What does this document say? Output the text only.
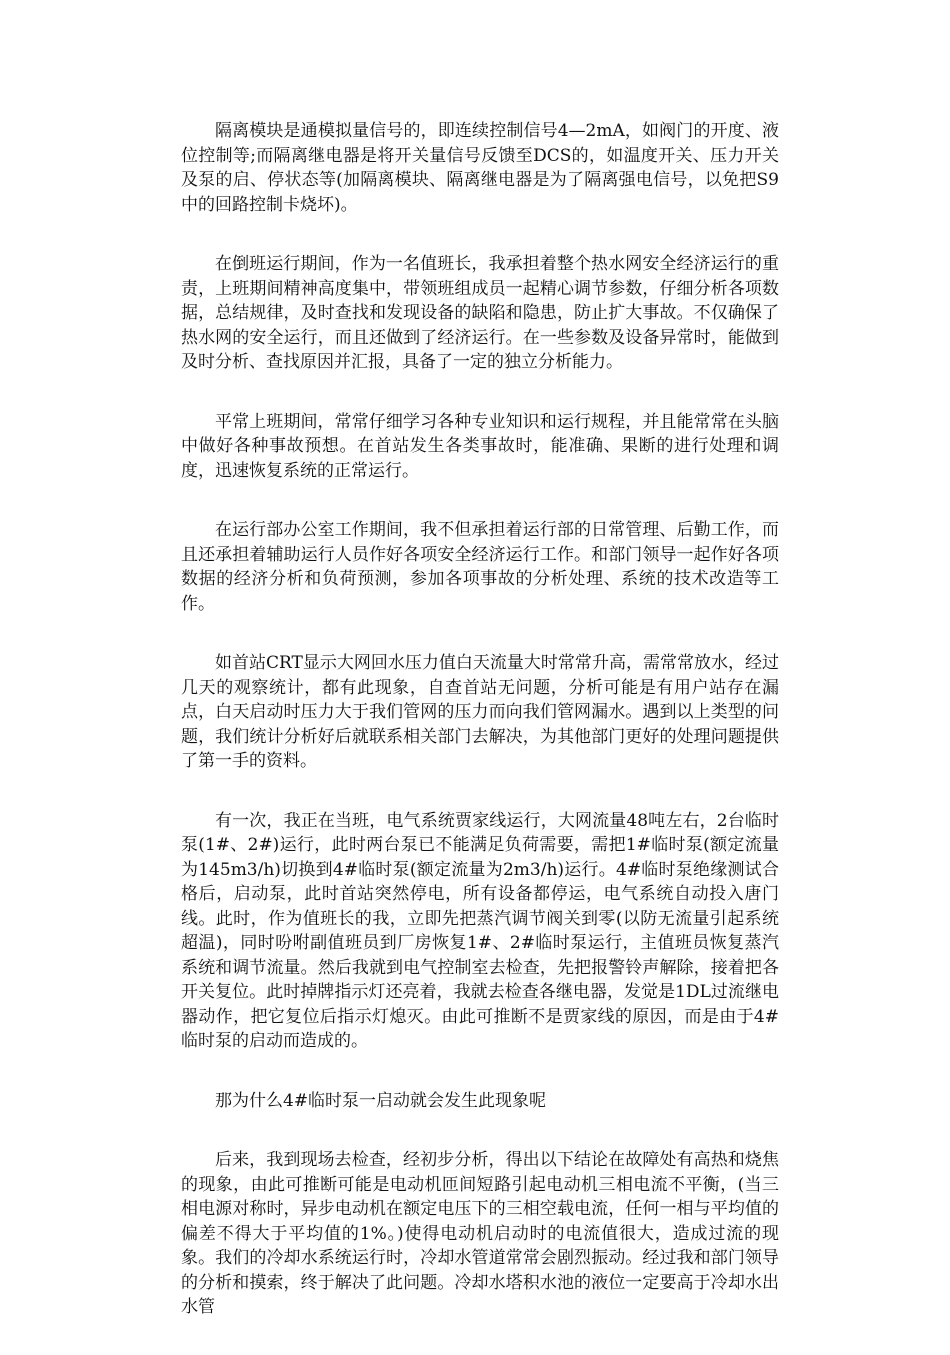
隔离模块是通模拟量信号的，即连续控制信号4—2mA，如阀门的开度、液位控制等;而隔离继电器是将开关量信号反馈至DCS的，如温度开关、压力开关及泵的启、停状态等(加隔离模块、隔离继电器是为了隔离强电信号，以免把S9中的回路控制卡烧坏)。

在倒班运行期间，作为一名值班长，我承担着整个热水网安全经济运行的重责，上班期间精神高度集中，带领班组成员一起精心调节参数，仔细分析各项数据，总结规律，及时查找和发现设备的缺陷和隐患，防止扩大事故。不仅确保了热水网的安全运行，而且还做到了经济运行。在一些参数及设备异常时，能做到及时分析、查找原因并汇报，具备了一定的独立分析能力。

平常上班期间，常常仔细学习各种专业知识和运行规程，并且能常常在头脑中做好各种事故预想。在首站发生各类事故时，能准确、果断的进行处理和调度，迅速恢复系统的正常运行。

在运行部办公室工作期间，我不但承担着运行部的日常管理、后勤工作，而且还承担着辅助运行人员作好各项安全经济运行工作。和部门领导一起作好各项数据的经济分析和负荷预测，参加各项事故的分析处理、系统的技术改造等工作。

如首站CRT显示大网回水压力值白天流量大时常常升高，需常常放水，经过几天的观察统计，都有此现象，自查首站无问题，分析可能是有用户站存在漏点，白天启动时压力大于我们管网的压力而向我们管网漏水。遇到以上类型的问题，我们统计分析好后就联系相关部门去解决，为其他部门更好的处理问题提供了第一手的资料。

有一次，我正在当班，电气系统贾家线运行，大网流量48吨左右，2台临时泵(1#、2#)运行，此时两台泵已不能满足负荷需要，需把1#临时泵(额定流量为145m3/h)切换到4#临时泵(额定流量为2m3/h)运行。4#临时泵绝缘测试合格后，启动泵，此时首站突然停电，所有设备都停运，电气系统自动投入唐门线。此时，作为值班长的我，立即先把蒸汽调节阀关到零(以防无流量引起系统超温)，同时吩咐副值班员到厂房恢复1#、2#临时泵运行，主值班员恢复蒸汽系统和调节流量。然后我就到电气控制室去检查，先把报警铃声解除，接着把各开关复位。此时掉牌指示灯还亮着，我就去检查各继电器，发觉是1DL过流继电器动作，把它复位后指示灯熄灭。由此可推断不是贾家线的原因，而是由于4#临时泵的启动而造成的。

那为什么4#临时泵一启动就会发生此现象呢

后来，我到现场去检查，经初步分析，得出以下结论在故障处有高热和烧焦的现象，由此可推断可能是电动机匝间短路引起电动机三相电流不平衡，(当三相电源对称时，异步电动机在额定电压下的三相空载电流，任何一相与平均值的偏差不得大于平均值的1%。)使得电动机启动时的电流值很大，造成过流的现象。我们的冷却水系统运行时，冷却水管道常常会剧烈振动。经过我和部门领导的分析和摸索，终于解决了此问题。冷却水塔积水池的液位一定要高于冷却水出水管
